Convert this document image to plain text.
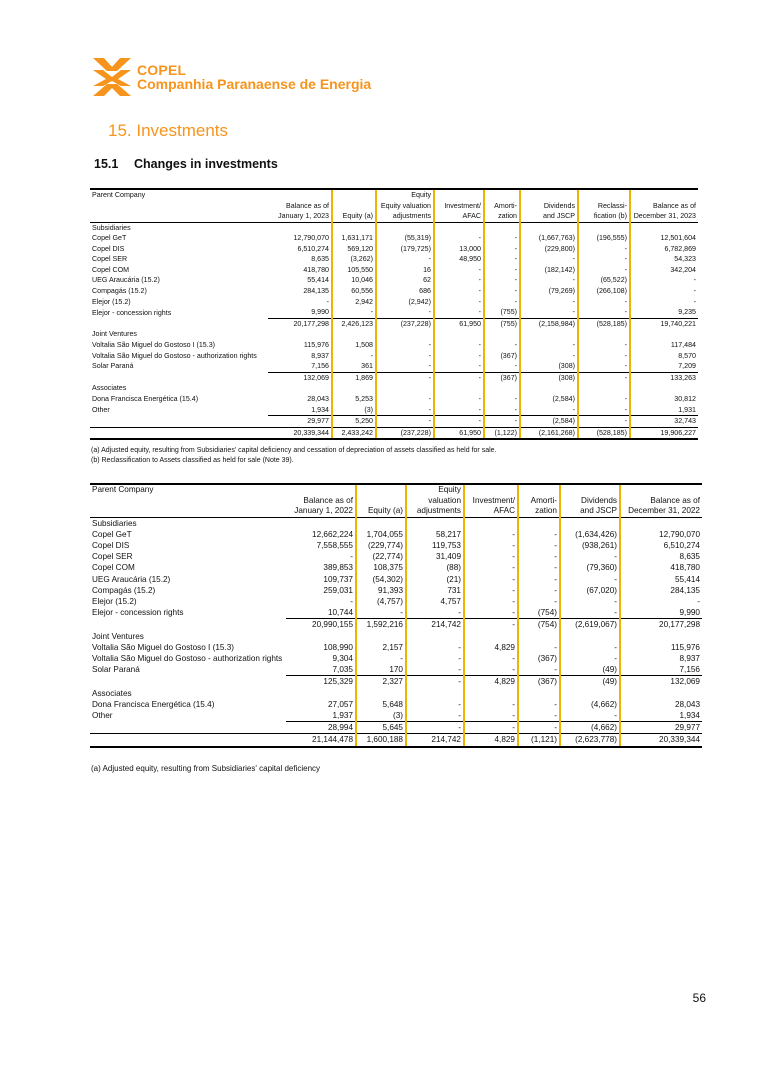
COPEL
Companhia Paranaense de Energia
15. Investments
15.1 Changes in investments
Parent Company			Equity					
	Balance as of		Equity valuation	Investment/	Amorti-	Dividends	Reclassi-	Balance as of
	January 1, 2023	Equity (a)	adjustments	AFAC	zation	and JSCP	fication (b)	December 31, 2023
Subsidiaries								
Copel GeT	12,790,070	1,631,171	(55,319)	-	-	(1,667,763)	(196,555)	12,501,604
Copel DIS	6,510,274	569,120	(179,725)	13,000	-	(229,800)	-	6,782,869
Copel SER	8,635	(3,262)	-	48,950	-	-	-	54,323
Copel COM	418,780	105,550	16	-	-	(182,142)	-	342,204
UEG Araucária (15.2)	55,414	10,046	62	-	-	-	(65,522)	-
Compagás (15.2)	284,135	60,556	686	-	-	(79,269)	(266,108)	-
Elejor (15.2)	-	2,942	(2,942)	-	-	-	-	-
Elejor - concession rights	9,990	-	-	-	(755)	-	-	9,235
	20,177,298	2,426,123	(237,228)	61,950	(755)	(2,158,984)	(528,185)	19,740,221
Joint Ventures								
Voltalia São Miguel do Gostoso I (15.3)	115,976	1,508	-	-	-	-	-	117,484
Voltalia São Miguel do Gostoso - authorization rights	8,937	-	-	-	(367)	-	-	8,570
Solar Paraná	7,156	361	-	-	-	(308)	-	7,209
	132,069	1,869	-	-	(367)	(308)	-	133,263
Associates								
Dona Francisca Energética (15.4)	28,043	5,253	-	-	-	(2,584)	-	30,812
Other	1,934	(3)	-	-	-	-	-	1,931
	29,977	5,250	-	-	-	(2,584)	-	32,743
	20,339,344	2,433,242	(237,228)	61,950	(1,122)	(2,161,268)	(528,185)	19,906,227
(a) Adjusted equity, resulting from Subsidiaries' capital deficiency and cessation of depreciation of assets classified as held for sale.
(b) Reclassification to Assets classified as held for sale (Note 39).
Parent Company			Equity				
	Balance as of		valuation	Investment/	Amorti-	Dividends	Balance as of
	January 1, 2022	Equity (a)	adjustments	AFAC	zation	and JSCP	December 31, 2022
Subsidiaries							
Copel GeT	12,662,224	1,704,055	58,217	-	-	(1,634,426)	12,790,070
Copel DIS	7,558,555	(229,774)	119,753	-	-	(938,261)	6,510,274
Copel SER	-	(22,774)	31,409	-	-	-	8,635
Copel COM	389,853	108,375	(88)	-	-	(79,360)	418,780
UEG Araucária (15.2)	109,737	(54,302)	(21)	-	-	-	55,414
Compagás (15.2)	259,031	91,393	731	-	-	(67,020)	284,135
Elejor (15.2)	-	(4,757)	4,757	-	-	-	-
Elejor - concession rights	10,744	-	-	-	(754)	-	9,990
	20,990,155	1,592,216	214,742	-	(754)	(2,619,067)	20,177,298
Joint Ventures							
Voltalia São Miguel do Gostoso I (15.3)	108,990	2,157	-	4,829	-	-	115,976
Voltalia São Miguel do Gostoso - authorization rights	9,304	-	-	-	(367)	-	8,937
Solar Paraná	7,035	170	-	-	-	(49)	7,156
	125,329	2,327	-	4,829	(367)	(49)	132,069
Associates							
Dona Francisca Energética (15.4)	27,057	5,648	-	-	-	(4,662)	28,043
Other	1,937	(3)	-	-	-	-	1,934
	28,994	5,645	-	-	-	(4,662)	29,977
	21,144,478	1,600,188	214,742	4,829	(1,121)	(2,623,778)	20,339,344
(a) Adjusted equity, resulting from Subsidiaries' capital deficiency
56
